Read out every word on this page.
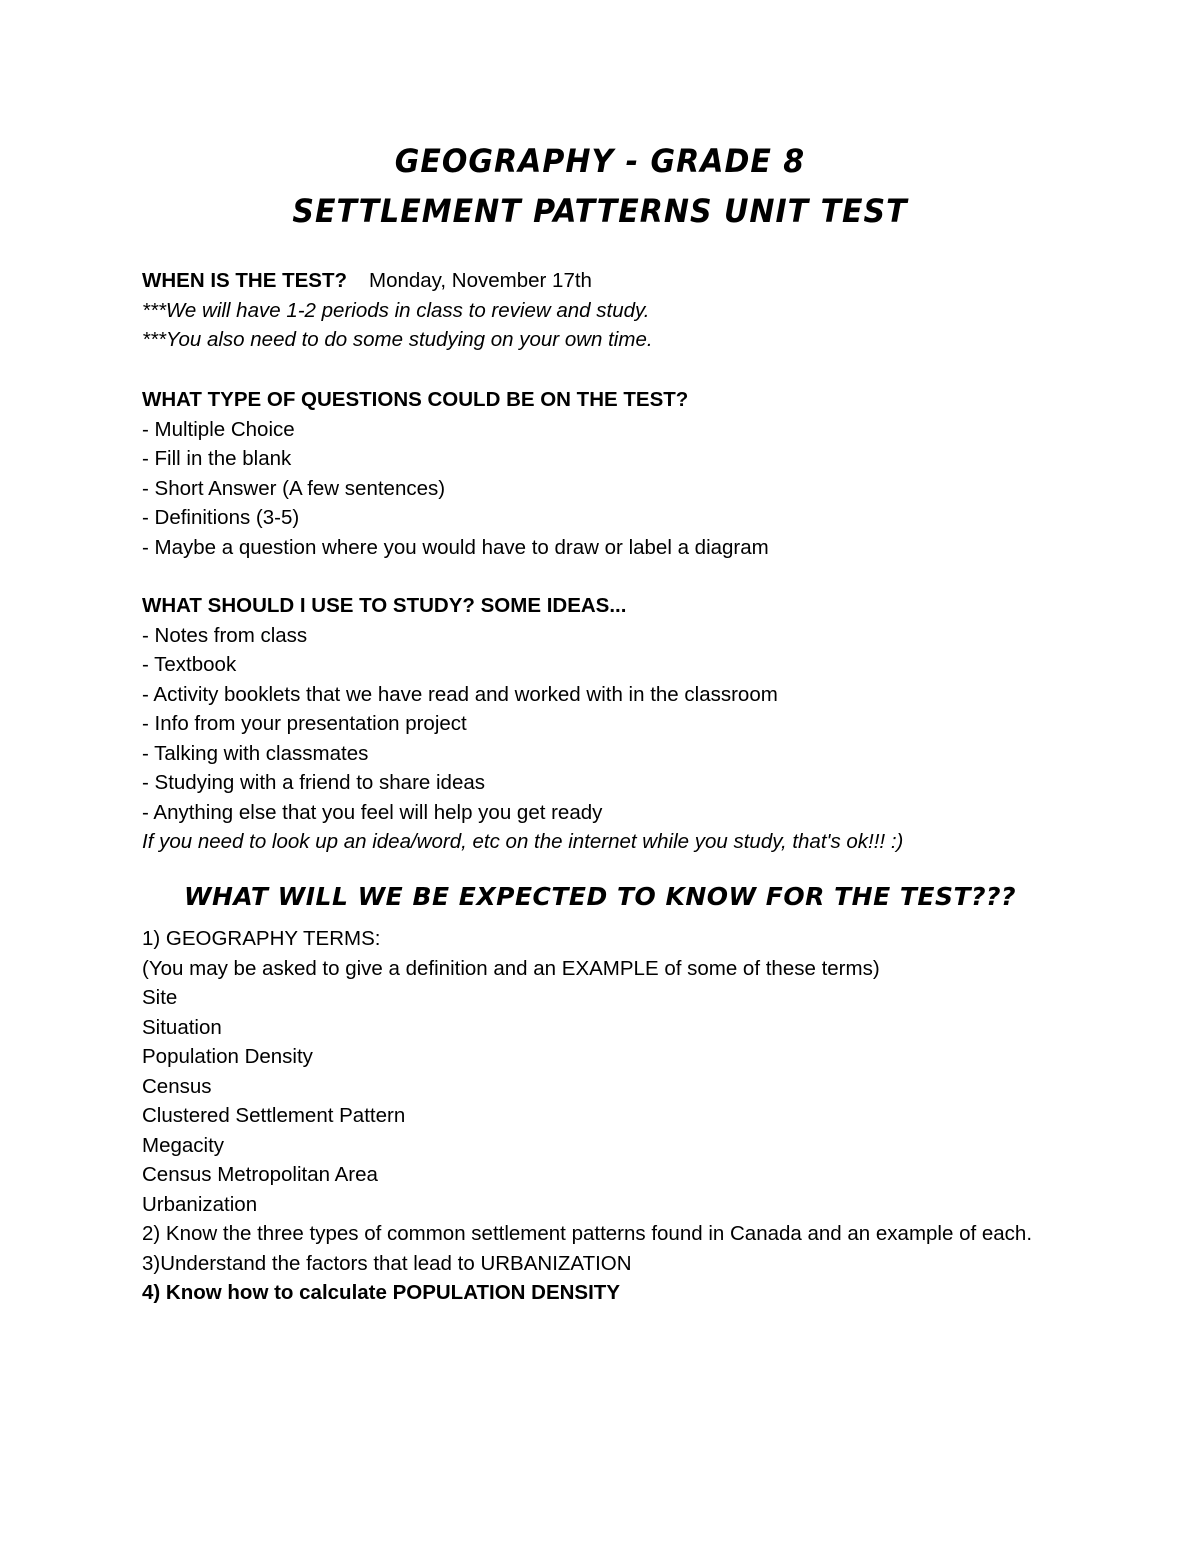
GEOGRAPHY - GRADE 8
SETTLEMENT PATTERNS UNIT TEST
WHEN IS THE TEST? Monday, November 17th
***We will have 1-2 periods in class to review and study.
***You also need to do some studying on your own time.
WHAT TYPE OF QUESTIONS COULD BE ON THE TEST?
- Multiple Choice
- Fill in the blank
- Short Answer (A few sentences)
- Definitions (3-5)
- Maybe a question where you would have to draw or label a diagram
WHAT SHOULD I USE TO STUDY? SOME IDEAS...
- Notes from class
- Textbook
- Activity booklets that we have read and worked with in the classroom
- Info from your presentation project
- Talking with classmates
- Studying with a friend to share ideas
- Anything else that you feel will help you get ready
If you need to look up an idea/word, etc on the internet while you study, that's ok!!! :)
WHAT WILL WE BE EXPECTED TO KNOW FOR THE TEST???
1) GEOGRAPHY TERMS:
(You may be asked to give a definition and an EXAMPLE of some of these terms)
Site
Situation
Population Density
Census
Clustered Settlement Pattern
Megacity
Census Metropolitan Area
Urbanization
2) Know the three types of common settlement patterns found in Canada and an example of each.
3)Understand the factors that lead to URBANIZATION
4) Know how to calculate POPULATION DENSITY
